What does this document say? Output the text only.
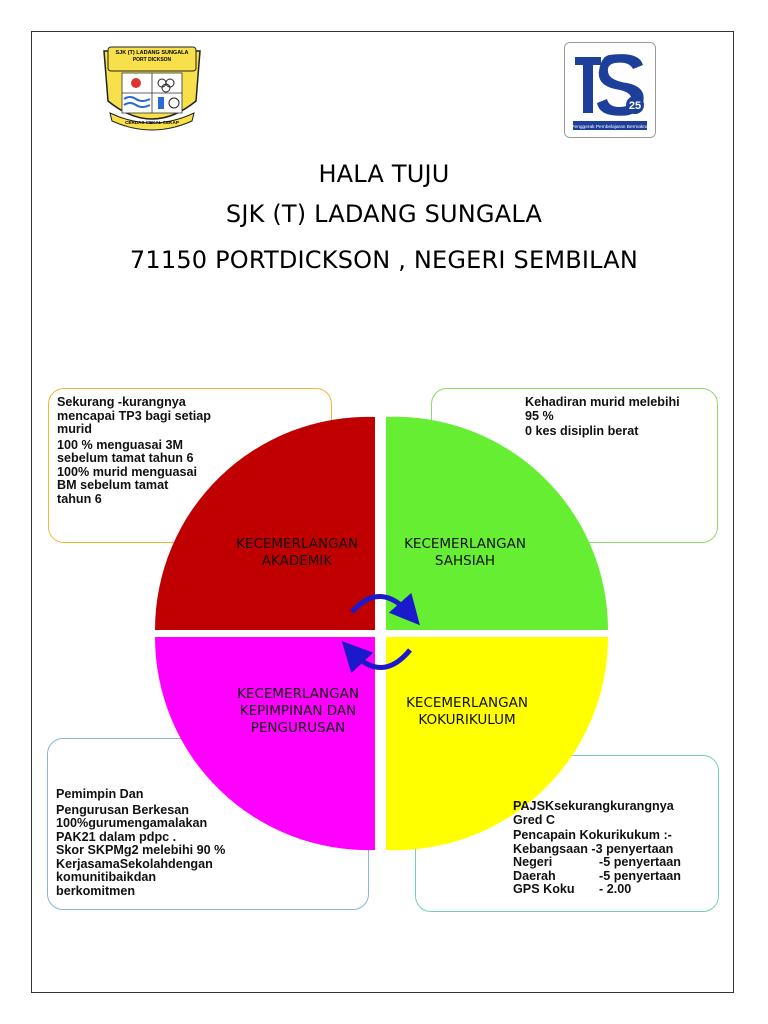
SJK (T) LADANG SUNGALA
PORT DICKSON
CERDAS CEKAL CEKAP
25
Penggerak Pembelajaran Bermakna
HALA TUJU
SJK (T) LADANG SUNGALA
71150 PORTDICKSON , NEGERI SEMBILAN
KECEMERLANGAN
AKADEMIK
KECEMERLANGAN
SAHSIAH
KECEMERLANGAN
KEPIMPINAN DAN
PENGURUSAN
KECEMERLANGAN
KOKURIKULUM
Sekurang -kurangnya
mencapai TP3 bagi setiap
murid
100 % menguasai 3M
sebelum tamat tahun 6
100% murid menguasai
BM sebelum tamat
tahun 6
Kehadiran murid melebihi
95 %
0 kes disiplin berat
Pemimpin Dan
Pengurusan Berkesan
100%gurumengamalakan
PAK21 dalam pdpc .
Skor SKPMg2 melebihi 90 %
KerjasamaSekolahdengan
komunitibaikdan
berkomitmen
PAJSKsekurangkurangnya
Gred C
Pencapain Kokurikukum :-
Kebangsaan -3 penyertaan
Negeri	-5 penyertaan
Daerah	-5 penyertaan
GPS Koku - 2.00
